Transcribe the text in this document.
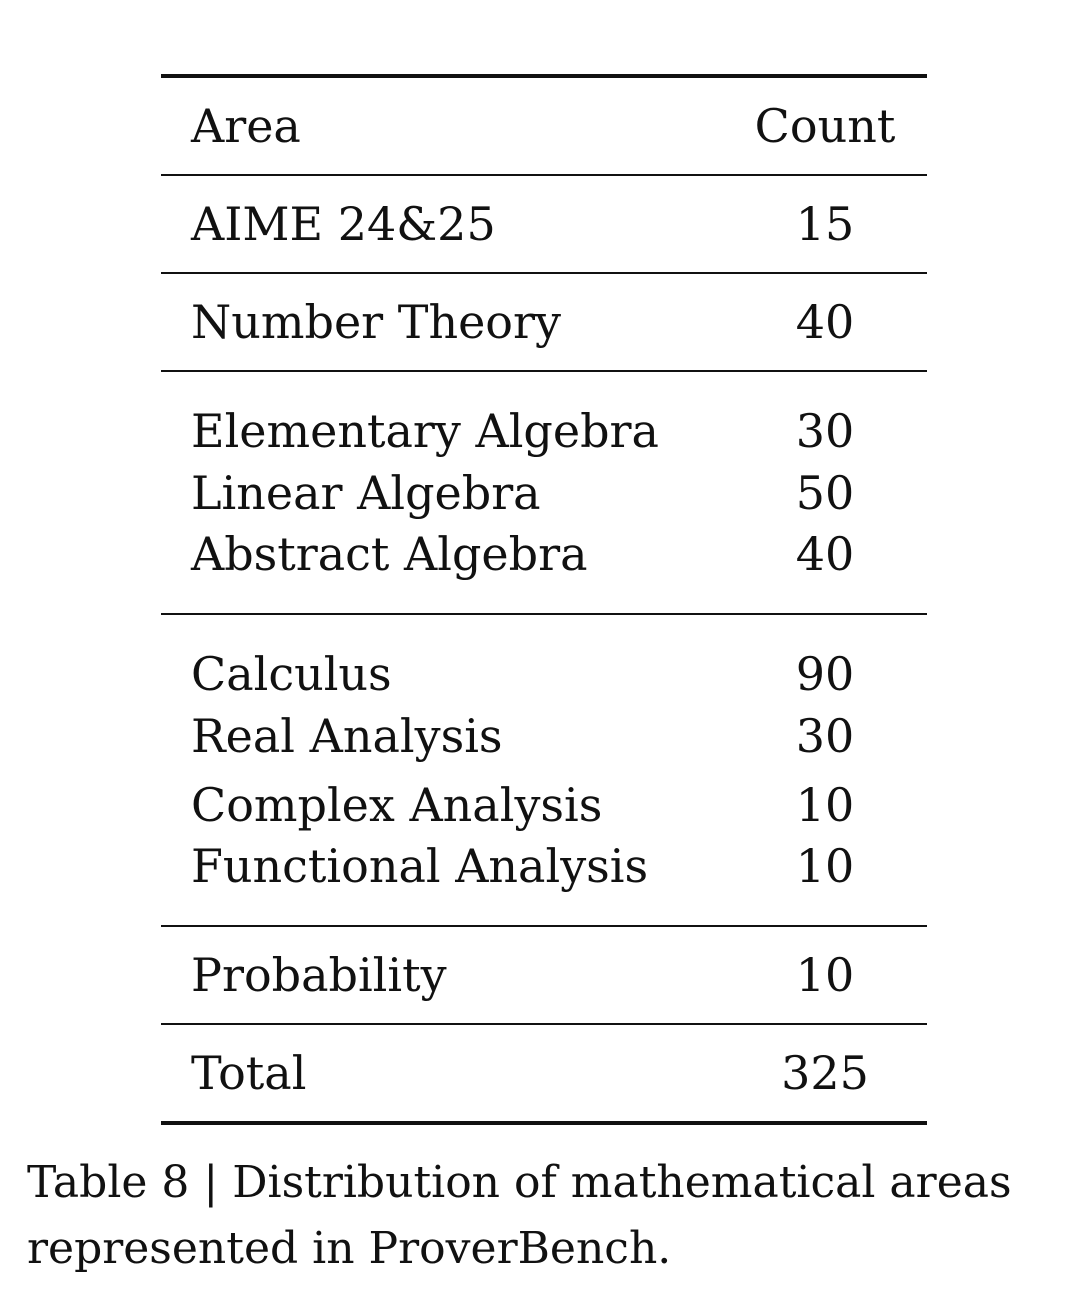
Area	Count
AIME 24&25	15
Number Theory	40
Elementary Algebra	30
Linear Algebra	50
Abstract Algebra	40
Calculus	90
Real Analysis	30
Complex Analysis	10
Functional Analysis	10
Probability	10
Total	325
Table 8 | Distribution of mathematical areas represented in ProverBench.
